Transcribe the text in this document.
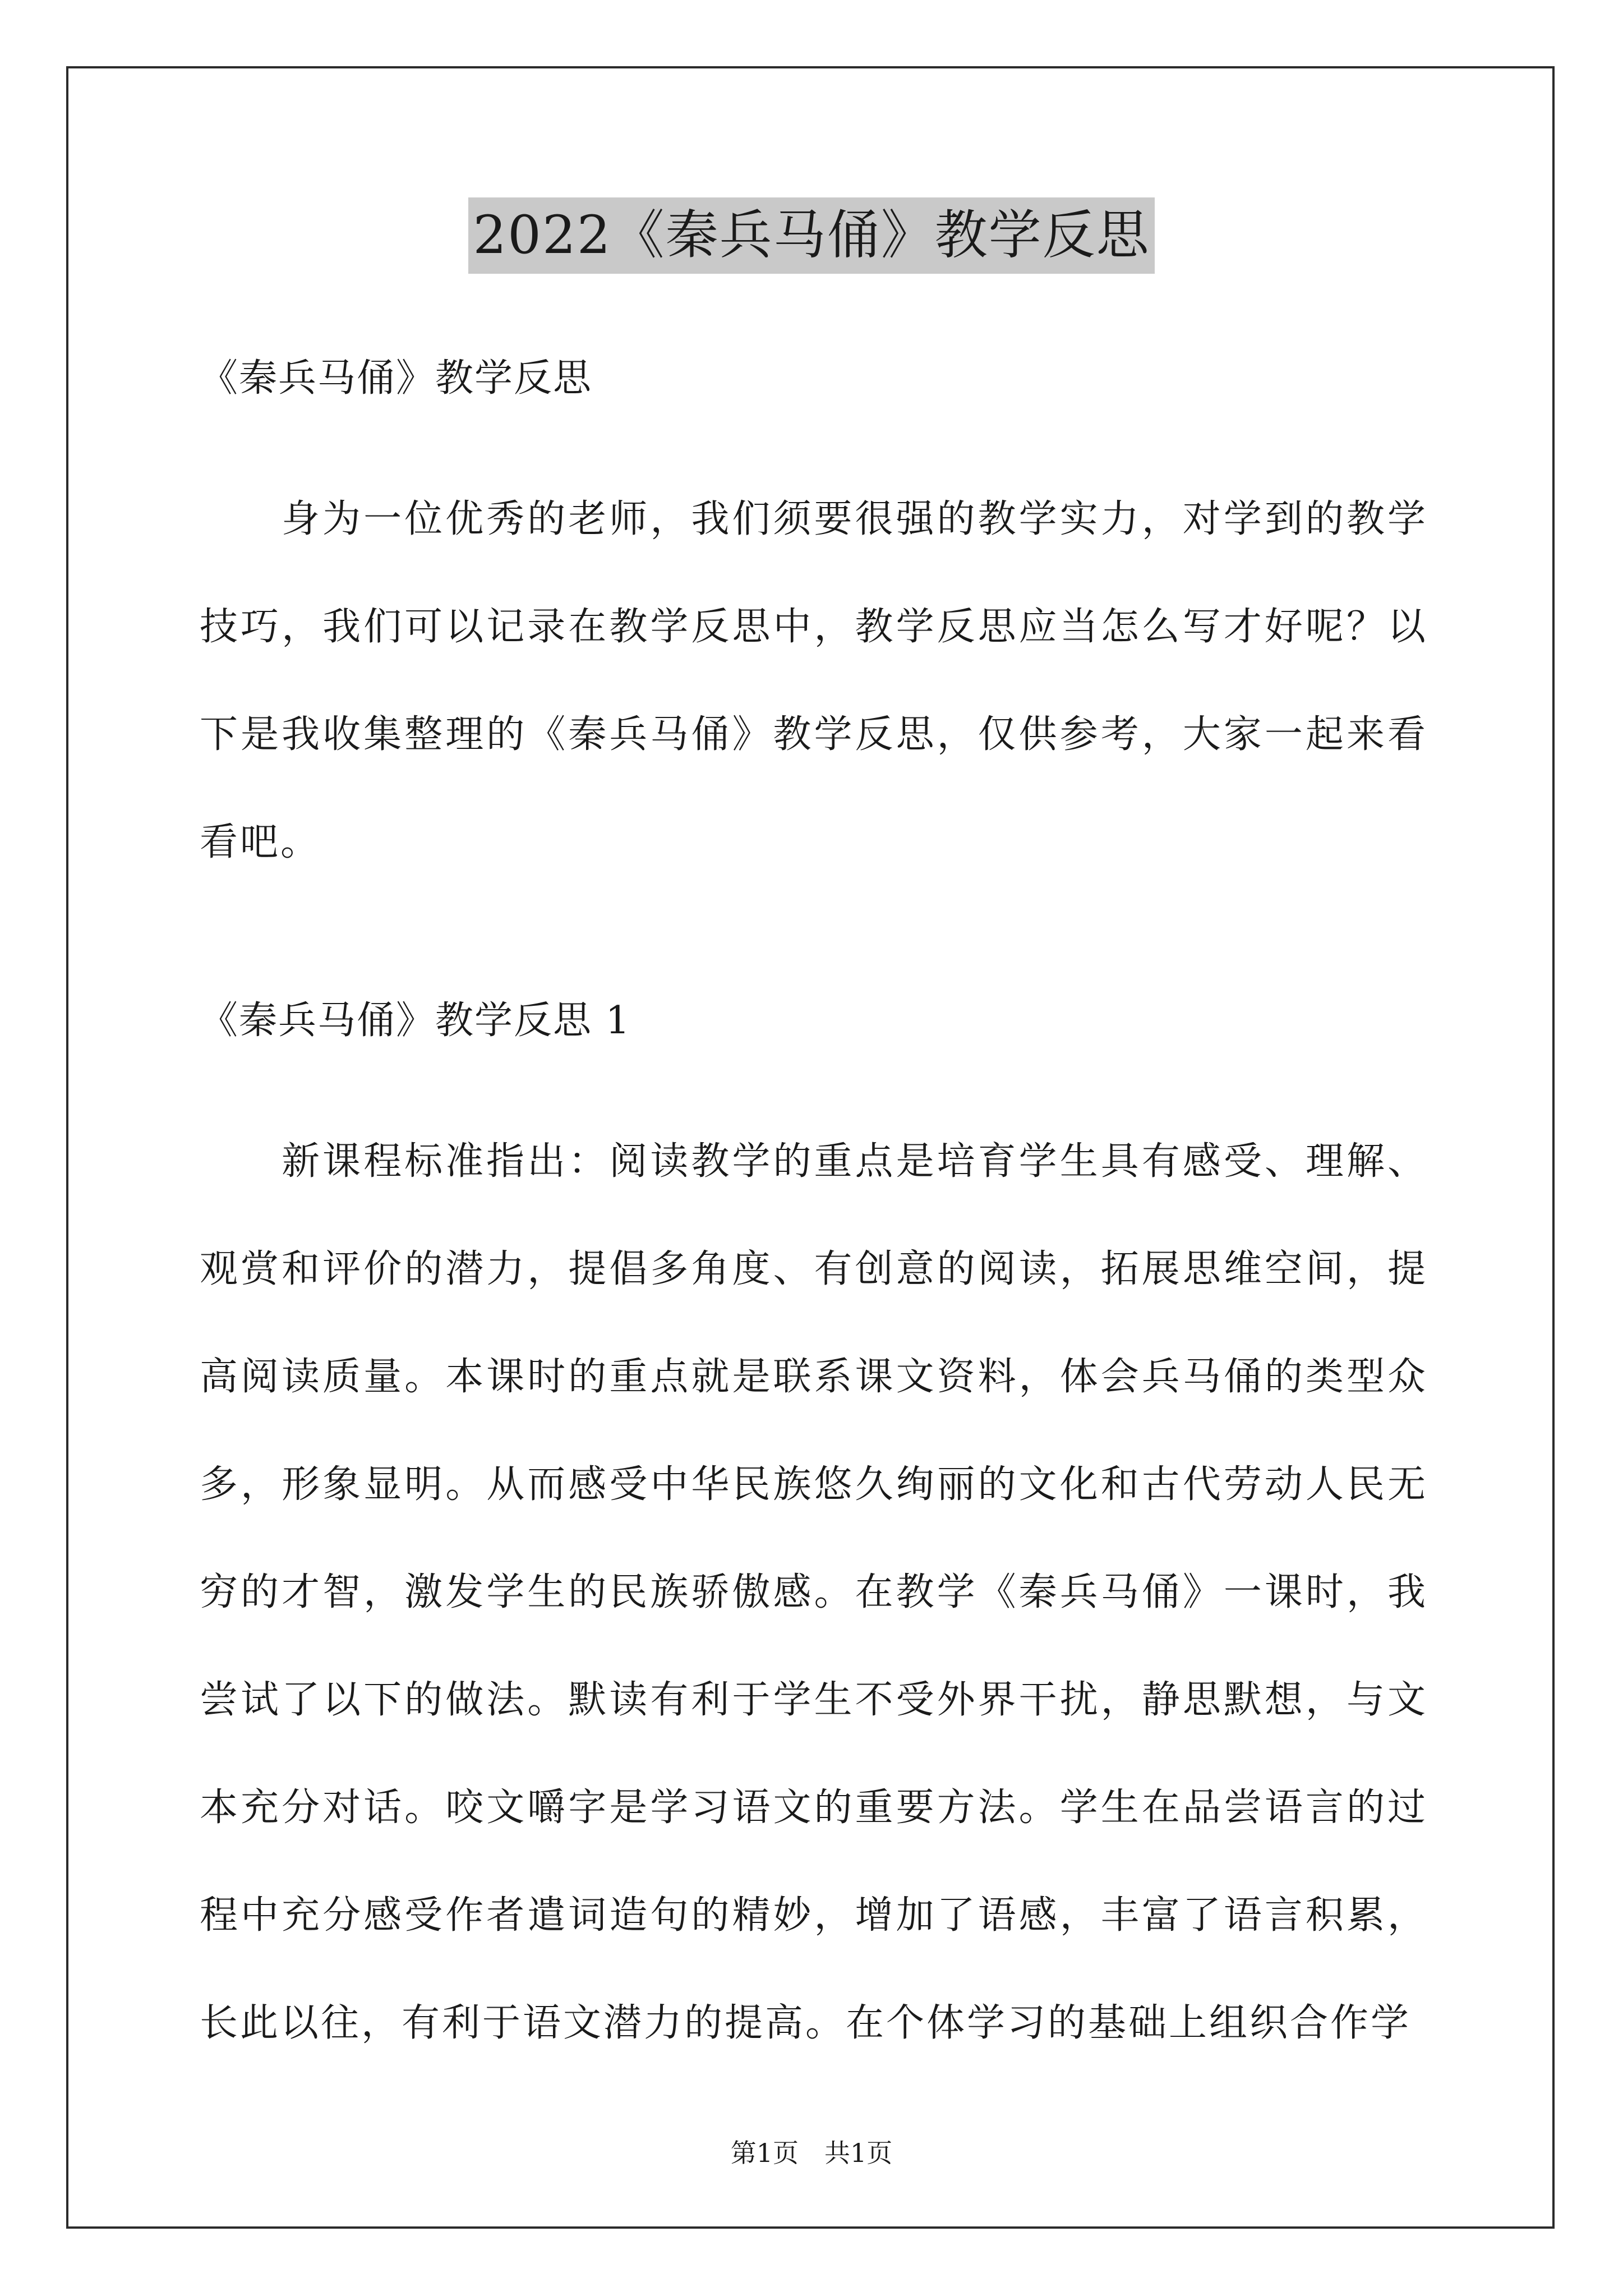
2022《秦兵马俑》教学反思
《秦兵马俑》教学反思

身为一位优秀的老师，我们须要很强的教学实力，对学到的教学技巧，我们可以记录在教学反思中，教学反思应当怎么写才好呢？以下是我收集整理的《秦兵马俑》教学反思，仅供参考，大家一起来看看吧。

《秦兵马俑》教学反思 1

新课程标准指出：阅读教学的重点是培育学生具有感受、理解、观赏和评价的潜力，提倡多角度、有创意的阅读，拓展思维空间，提高阅读质量。本课时的重点就是联系课文资料，体会兵马俑的类型众多，形象显明。从而感受中华民族悠久绚丽的文化和古代劳动人民无穷的才智，激发学生的民族骄傲感。在教学《秦兵马俑》一课时，我尝试了以下的做法。默读有利于学生不受外界干扰，静思默想，与文本充分对话。咬文嚼字是学习语文的重要方法。学生在品尝语言的过程中充分感受作者遣词造句的精妙，增加了语感，丰富了语言积累，长此以往，有利于语文潜力的提高。在个体学习的基础上组织合作学

第1页　共1页
